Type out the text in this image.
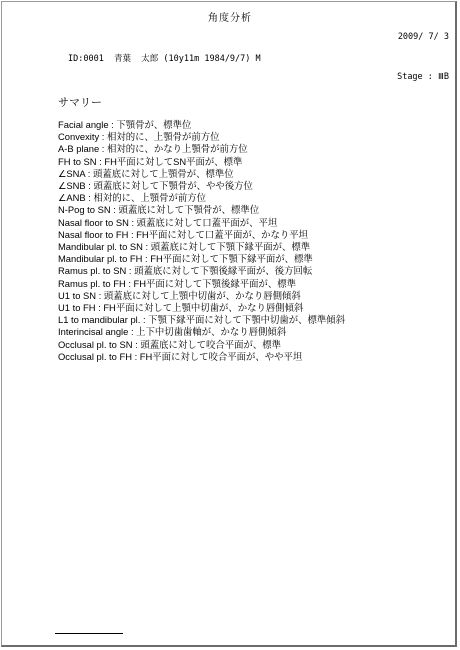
角度分析
2009/ 7/ 3
ID:0001  青葉  太郎 (10y11m 1984/9/7) M
Stage : ⅢB
サマリー
Facial angle : 下顎骨が、標準位
Convexity : 相対的に、上顎骨が前方位
A-B plane : 相対的に、かなり上顎骨が前方位
FH to SN : FH平面に対してSN平面が、標準
∠SNA : 頭蓋底に対して上顎骨が、標準位
∠SNB : 頭蓋底に対して下顎骨が、やや後方位
∠ANB : 相対的に、上顎骨が前方位
N-Pog to SN : 頭蓋底に対して下顎骨が、標準位
Nasal floor to SN : 頭蓋底に対して口蓋平面が、平坦
Nasal floor to FH : FH平面に対して口蓋平面が、かなり平坦
Mandibular pl. to SN : 頭蓋底に対して下顎下縁平面が、標準
Mandibular pl. to FH : FH平面に対して下顎下縁平面が、標準
Ramus pl. to SN : 頭蓋底に対して下顎後縁平面が、後方回転
Ramus pl. to FH : FH平面に対して下顎後縁平面が、標準
U1 to SN : 頭蓋底に対して上顎中切歯が、かなり唇側傾斜
U1 to FH : FH平面に対して上顎中切歯が、かなり唇側傾斜
L1 to mandibular pl. : 下顎下縁平面に対して下顎中切歯が、標準傾斜
Interincisal angle : 上下中切歯歯軸が、かなり唇側傾斜
Occlusal pl. to SN : 頭蓋底に対して咬合平面が、標準
Occlusal pl. to FH : FH平面に対して咬合平面が、やや平坦
